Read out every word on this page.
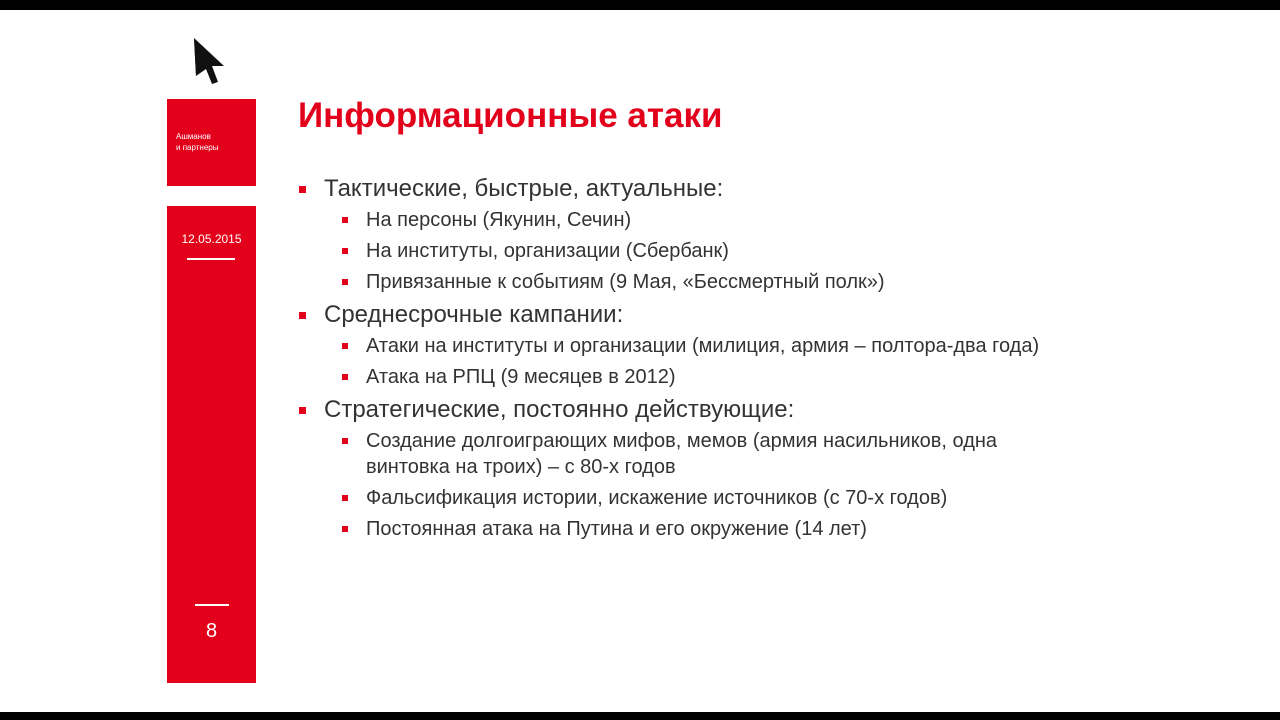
Ашманов
и партнеры
12.05.2015
8
Информационные атаки
Тактические, быстрые, актуальные:
На персоны (Якунин, Сечин)
На институты, организации (Сбербанк)
Привязанные к событиям (9 Мая, «Бессмертный полк»)
Среднесрочные кампании:
Атаки на институты и организации (милиция, армия – полтора-два года)
Атака на РПЦ (9 месяцев в 2012)
Стратегические, постоянно действующие:
Создание долгоиграющих мифов, мемов (армия насильников, одна винтовка на троих) – с 80-х годов
Фальсификация истории, искажение источников (с 70-х годов)
Постоянная атака на Путина и его окружение (14 лет)
